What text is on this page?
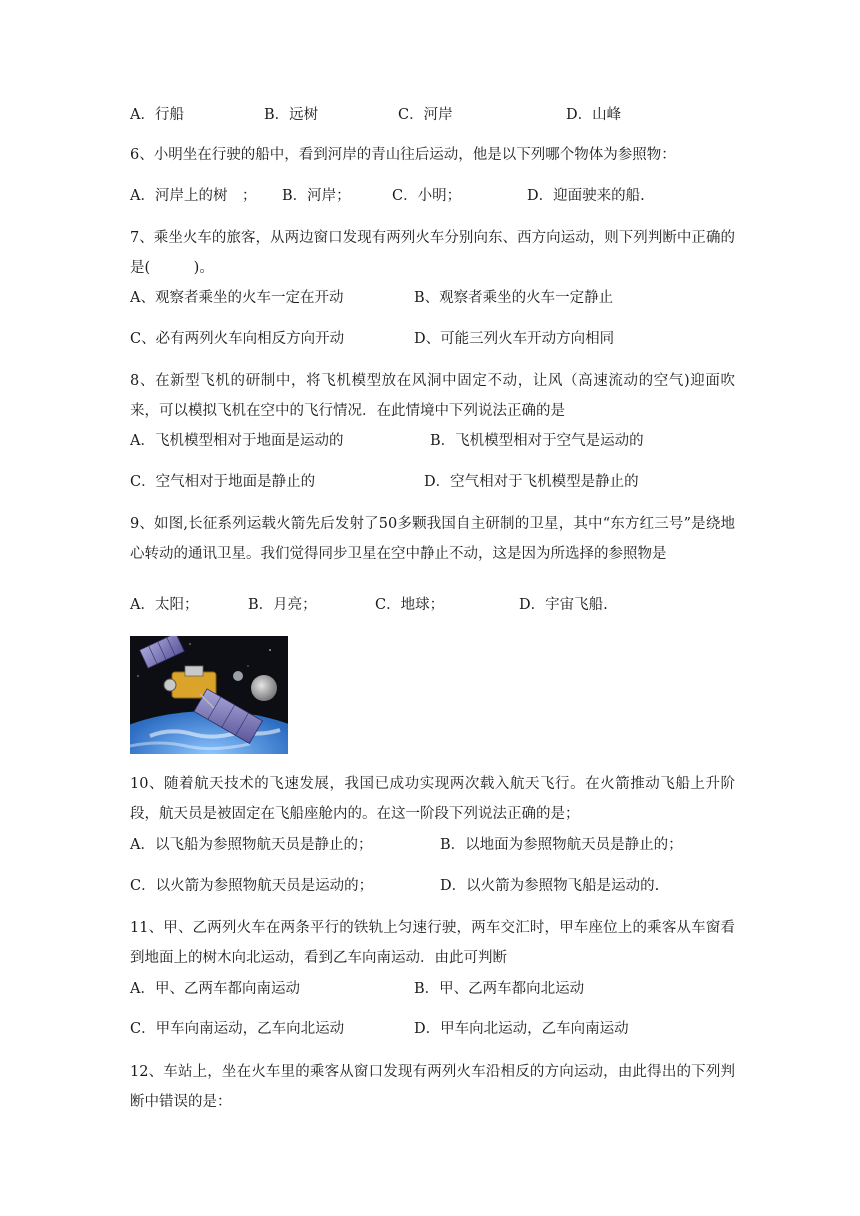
A．行船	B．远树	C．河岸	D．山峰
6、小明坐在行驶的船中，看到河岸的青山往后运动，他是以下列哪个物体为参照物：
A．河岸上的树　； B．河岸；	C．小明；	D．迎面驶来的船.
7、乘坐火车的旅客，从两边窗口发现有两列火车分别向东、西方向运动，则下列判断中正确的是(　　　)。
A、观察者乘坐的火车一定在开动	B、观察者乘坐的火车一定静止
C、必有两列火车向相反方向开动	D、可能三列火车开动方向相同
8、在新型飞机的研制中，将飞机模型放在风洞中固定不动，让风（高速流动的空气)迎面吹来，可以模拟飞机在空中的飞行情况．在此情境中下列说法正确的是
A．飞机模型相对于地面是运动的	B．飞机模型相对于空气是运动的
C．空气相对于地面是静止的	D．空气相对于飞机模型是静止的
9、如图,长征系列运载火箭先后发射了50多颗我国自主研制的卫星，其中“东方红三号”是绕地心转动的通讯卫星。我们觉得同步卫星在空中静止不动，这是因为所选择的参照物是
A．太阳；	B．月亮；	C．地球；	D．宇宙飞船.
10、随着航天技术的飞速发展，我国已成功实现两次载入航天飞行。在火箭推动飞船上升阶段，航天员是被固定在飞船座舱内的。在这一阶段下列说法正确的是；
A．以飞船为参照物航天员是静止的；	B．以地面为参照物航天员是静止的；
C．以火箭为参照物航天员是运动的；	D．以火箭为参照物飞船是运动的.
11、甲、乙两列火车在两条平行的铁轨上匀速行驶，两车交汇时，甲车座位上的乘客从车窗看到地面上的树木向北运动，看到乙车向南运动．由此可判断
A．甲、乙两车都向南运动	B．甲、乙两车都向北运动
C．甲车向南运动，乙车向北运动	D．甲车向北运动，乙车向南运动
12、车站上，坐在火车里的乘客从窗口发现有两列火车沿相反的方向运动，由此得出的下列判断中错误的是：
